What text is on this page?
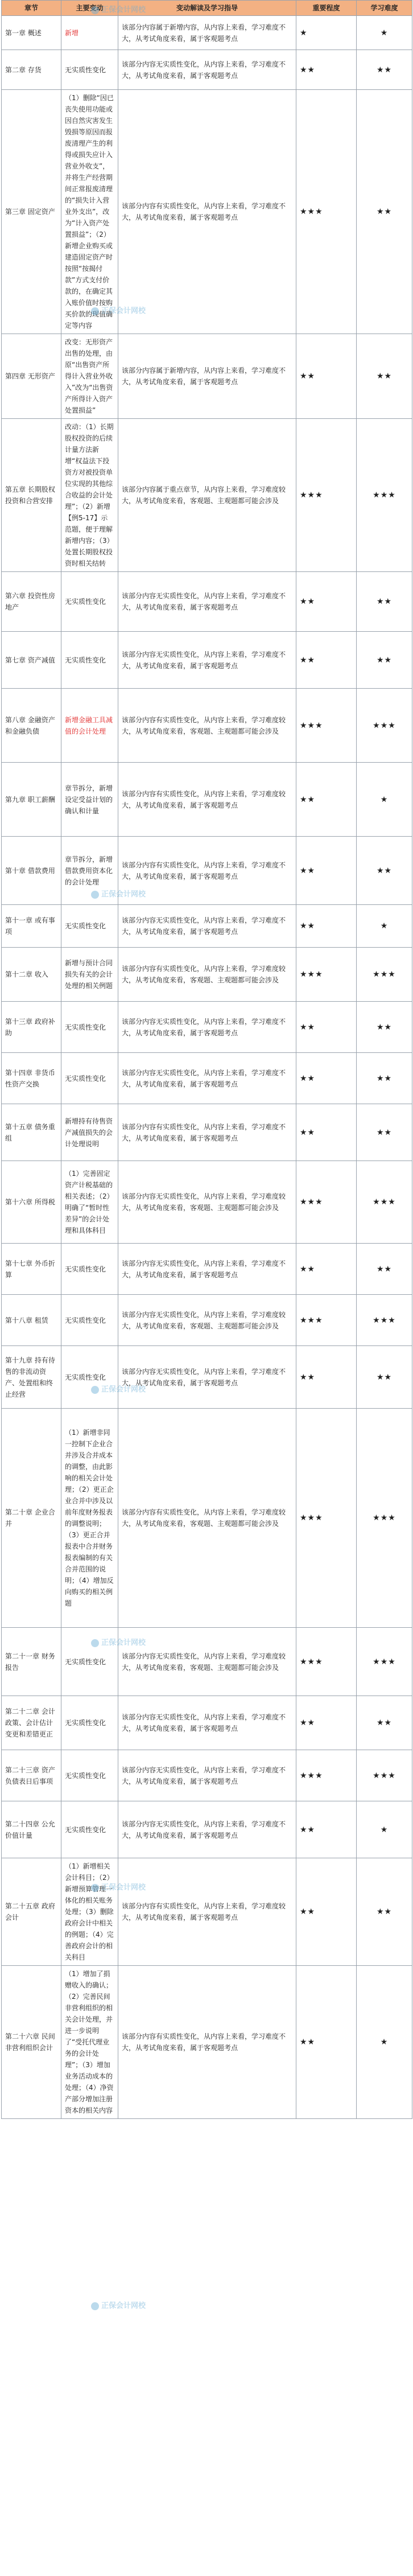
章节	主要变动	变动解读及学习指导	重要程度	学习难度
第一章 概述	新增	该部分内容属于新增内容，从内容上来看，学习难度不大，从考试角度来看，属于客观题考点	★	★
第二章 存货	无实质性变化	该部分内容无实质性变化，从内容上来看，学习难度不大，从考试角度来看，属于客观题考点	★★	★★
第三章 固定资产	（1）删除“因已丧失使用功能或因自然灾害发生毁损等原因而报废清理产生的利得或损失应计入营业外收支”，并将生产经营期间正常报废清理的“损失计入营业外支出”，改为“计入资产处置损益”；（2）新增企业购买或建造固定资产时按照“按揭付款”方式支付价款的，在确定其入账价值时按购买价款的现值确定等内容	该部分内容有实质性变化，从内容上来看，学习难度不大，从考试角度来看，属于客观题考点	★★★	★★
第四章 无形资产	改变：无形资产出售的处理，由原“出售资产所得计入营业外收入”改为“出售资产所得计入资产处置损益”	该部分内容属于新增内容，从内容上来看，学习难度不大，从考试角度来看，属于客观题考点	★★	★★
第五章 长期股权投资和合营安排	改动：（1）长期股权投资的后续计量方法新增“权益法下投资方对被投资单位实现的其他综合收益的会计处理”；（2）新增【例5-17】示范题，便于理解新增内容；（3）处置长期股权投资时相关结转	该部分内容属于重点章节，从内容上来看，学习难度较大，从考试角度来看，客观题、主观题都可能会涉及	★★★	★★★
第六章 投资性房地产	无实质性变化	该部分内容无实质性变化，从内容上来看，学习难度不大，从考试角度来看，属于客观题考点	★★	★★
第七章 资产减值	无实质性变化	该部分内容无实质性变化，从内容上来看，学习难度不大，从考试角度来看，属于客观题考点	★★	★★
第八章 金融资产和金融负债	新增金融工具减值的会计处理	该部分内容有实质性变化，从内容上来看，学习难度较大，从考试角度来看，客观题、主观题都可能会涉及	★★★	★★★
第九章 职工薪酬	章节拆分，新增设定受益计划的确认和计量	该部分内容有实质性变化，从内容上来看，学习难度较大，从考试角度来看，属于客观题考点	★★	★
第十章 借款费用	章节拆分，新增借款费用资本化的会计处理	该部分内容有实质性变化，从内容上来看，学习难度不大，从考试角度来看，属于客观题考点	★★	★★
第十一章 或有事项	无实质性变化	该部分内容无实质性变化，从内容上来看，学习难度不大，从考试角度来看，属于客观题考点	★★	★
第十二章 收入	新增与预计合同损失有关的会计处理的相关例题	该部分内容有实质性变化，从内容上来看，学习难度较大，从考试角度来看，客观题、主观题都可能会涉及	★★★	★★★
第十三章 政府补助	无实质性变化	该部分内容无实质性变化，从内容上来看，学习难度不大，从考试角度来看，属于客观题考点	★★	★★
第十四章 非货币性资产交换	无实质性变化	该部分内容无实质性变化，从内容上来看，学习难度不大，从考试角度来看，属于客观题考点	★★	★★
第十五章 债务重组	新增持有待售资产减值损失的会计处理说明	该部分内容有实质性变化，从内容上来看，学习难度不大，从考试角度来看，属于客观题考点	★★	★★
第十六章 所得税	（1）完善固定资产计税基础的相关表述；（2）明确了“暂时性差异”的会计处理和具体科目	该部分内容无实质性变化，从内容上来看，学习难度较大，从考试角度来看，客观题、主观题都可能会涉及	★★★	★★★
第十七章 外币折算	无实质性变化	该部分内容无实质性变化，从内容上来看，学习难度不大，从考试角度来看，属于客观题考点	★★	★★
第十八章 租赁	无实质性变化	该部分内容无实质性变化，从内容上来看，学习难度较大，从考试角度来看，客观题、主观题都可能会涉及	★★★	★★★
第十九章 持有待售的非流动资产、处置组和终止经营	无实质性变化	该部分内容无实质性变化，从内容上来看，学习难度不大，从考试角度来看，属于客观题考点	★★	★★
第二十章 企业合并	（1）新增非同一控制下企业合并涉及合并成本的调整，由此影响的相关会计处理；（2）更正企业合并中涉及以前年度财务报表的调整说明；（3）更正合并报表中合并财务报表编制的有关合并范围的说明；（4）增加反向购买的相关例题	该部分内容有实质性变化，从内容上来看，学习难度较大，从考试角度来看，客观题、主观题都可能会涉及	★★★	★★★
第二十一章 财务报告	无实质性变化	该部分内容无实质性变化，从内容上来看，学习难度较大，从考试角度来看，客观题、主观题都可能会涉及	★★★	★★★
第二十二章 会计政策、会计估计变更和差错更正	无实质性变化	该部分内容无实质性变化，从内容上来看，学习难度不大，从考试角度来看，属于客观题考点	★★	★★
第二十三章 资产负债表日后事项	无实质性变化	该部分内容无实质性变化，从内容上来看，学习难度不大，从考试角度来看，属于客观题考点	★★★	★★★
第二十四章 公允价值计量	无实质性变化	该部分内容无实质性变化，从内容上来看，学习难度不大，从考试角度来看，属于客观题考点	★★	★
第二十五章 政府会计	（1）新增相关会计科目；（2）新增预算管理一体化的相关账务处理；（3）删除政府会计中相关的例题；（4）完善政府会计的相关科目	该部分内容有实质性变化，从内容上来看，学习难度较大，从考试角度来看，属于客观题考点	★★	★★
第二十六章 民间非营利组织会计	（1）增加了捐赠收入的确认；（2）完善民间非营利组织的相关会计处理，并进一步说明了“受托代理业务的会计处理”；（3）增加业务活动成本的处理；（4）净资产部分增加注册资本的相关内容	该部分内容有实质性变化，从内容上来看，学习难度不大，从考试角度来看，属于客观题考点	★★	★
正保会计网校
正保会计网校
正保会计网校
正保会计网校
正保会计网校
正保会计网校
正保会计网校
